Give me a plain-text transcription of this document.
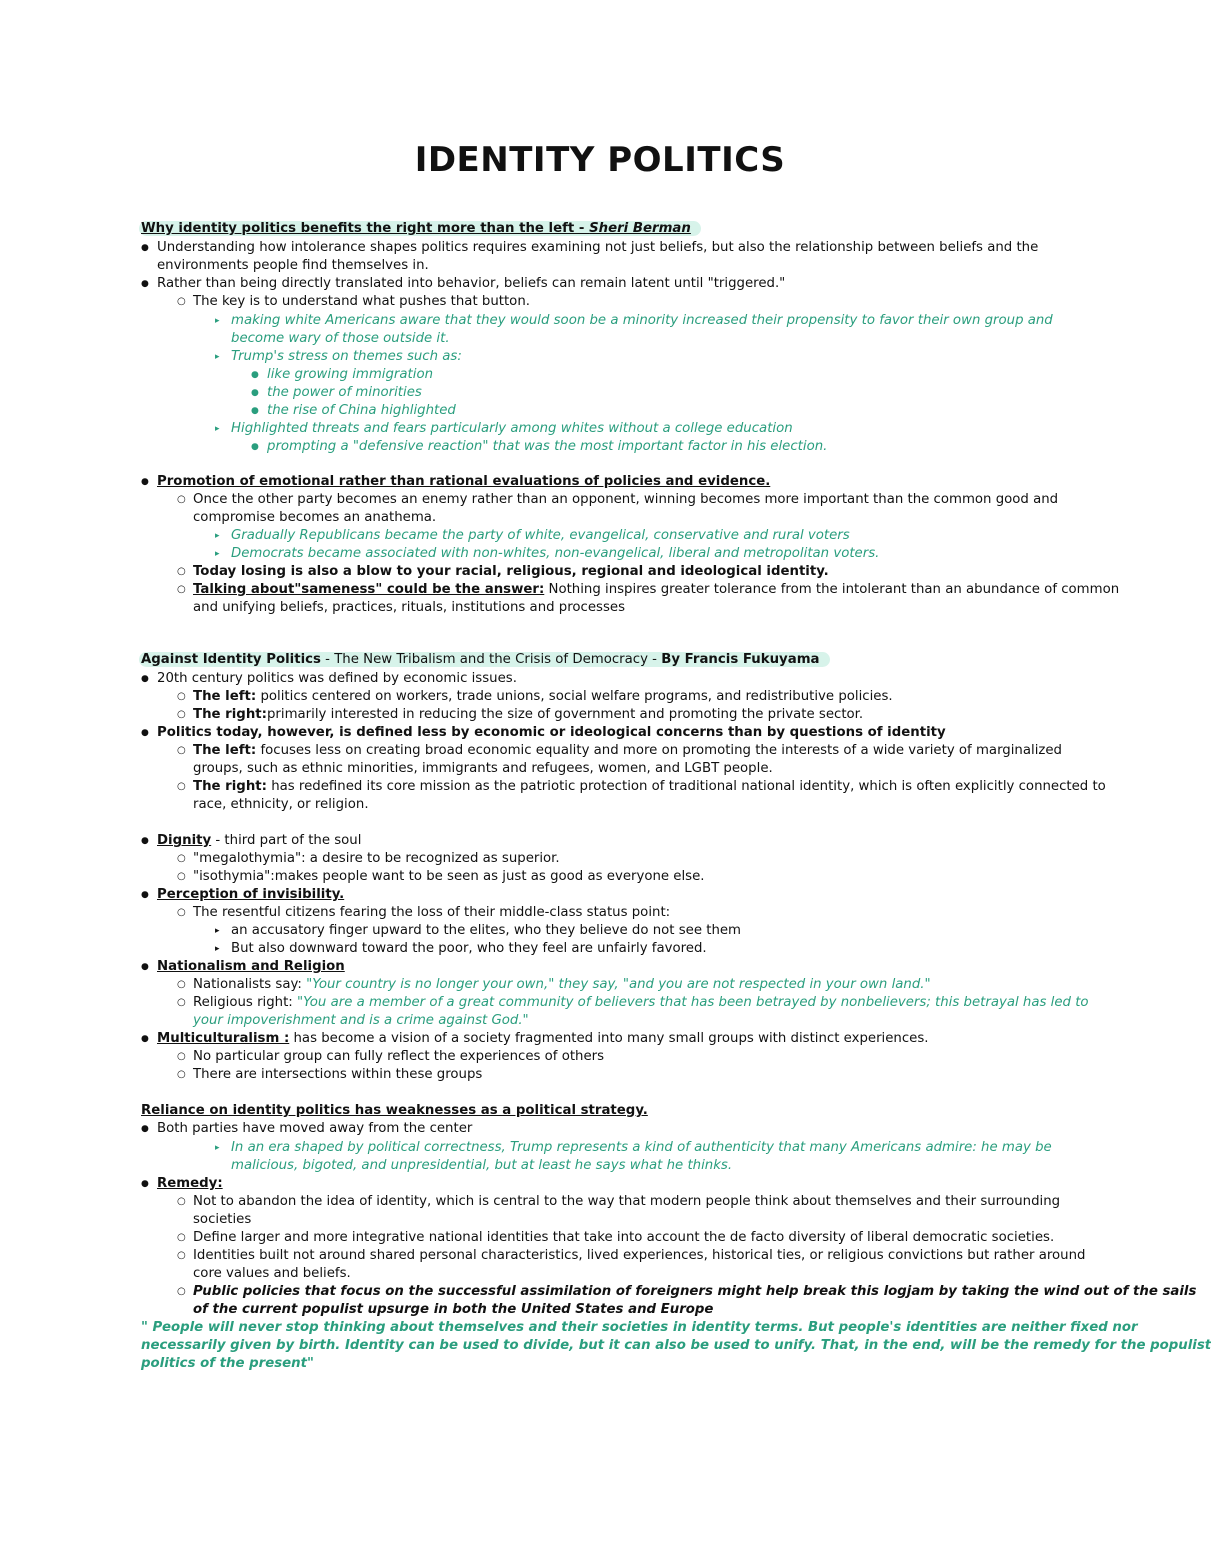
IDENTITY POLITICS
Why identity politics benefits the right more than the left - Sheri Berman
● Understanding how intolerance shapes politics requires examining not just beliefs, but also the relationship between beliefs and the
environments people find themselves in.
● Rather than being directly translated into behavior, beliefs can remain latent until "triggered."
○ The key is to understand what pushes that button.
▸ making white Americans aware that they would soon be a minority increased their propensity to favor their own group and
become wary of those outside it.
▸ Trump's stress on themes such as:
● like growing immigration
● the power of minorities
● the rise of China highlighted
▸ Highlighted threats and fears particularly among whites without a college education
● prompting a "defensive reaction" that was the most important factor in his election.
● Promotion of emotional rather than rational evaluations of policies and evidence.
○ Once the other party becomes an enemy rather than an opponent, winning becomes more important than the common good and
compromise becomes an anathema.
▸ Gradually Republicans became the party of white, evangelical, conservative and rural voters
▸ Democrats became associated with non-whites, non-evangelical, liberal and metropolitan voters.
○ Today losing is also a blow to your racial, religious, regional and ideological identity.
○ Talking about"sameness" could be the answer: Nothing inspires greater tolerance from the intolerant than an abundance of common
and unifying beliefs, practices, rituals, institutions and processes
Against Identity Politics - The New Tribalism and the Crisis of Democracy - By Francis Fukuyama
● 20th century politics was defined by economic issues.
○ The left: politics centered on workers, trade unions, social welfare programs, and redistributive policies.
○ The right:primarily interested in reducing the size of government and promoting the private sector.
● Politics today, however, is defined less by economic or ideological concerns than by questions of identity
○ The left: focuses less on creating broad economic equality and more on promoting the interests of a wide variety of marginalized
groups, such as ethnic minorities, immigrants and refugees, women, and LGBT people.
○ The right: has redefined its core mission as the patriotic protection of traditional national identity, which is often explicitly connected to
race, ethnicity, or religion.
● Dignity - third part of the soul
○ "megalothymia": a desire to be recognized as superior.
○ "isothymia":makes people want to be seen as just as good as everyone else.
● Perception of invisibility.
○ The resentful citizens fearing the loss of their middle-class status point:
▸ an accusatory finger upward to the elites, who they believe do not see them
▸ But also downward toward the poor, who they feel are unfairly favored.
● Nationalism and Religion
○ Nationalists say: "Your country is no longer your own," they say, "and you are not respected in your own land."
○ Religious right: "You are a member of a great community of believers that has been betrayed by nonbelievers; this betrayal has led to
your impoverishment and is a crime against God."
● Multiculturalism : has become a vision of a society fragmented into many small groups with distinct experiences.
○ No particular group can fully reflect the experiences of others
○ There are intersections within these groups
Reliance on identity politics has weaknesses as a political strategy.
● Both parties have moved away from the center
▸ In an era shaped by political correctness, Trump represents a kind of authenticity that many Americans admire: he may be
malicious, bigoted, and unpresidential, but at least he says what he thinks.
● Remedy:
○ Not to abandon the idea of identity, which is central to the way that modern people think about themselves and their surrounding
societies
○ Define larger and more integrative national identities that take into account the de facto diversity of liberal democratic societies.
○ Identities built not around shared personal characteristics, lived experiences, historical ties, or religious convictions but rather around
core values and beliefs.
○ Public policies that focus on the successful assimilation of foreigners might help break this logjam by taking the wind out of the sails
of the current populist upsurge in both the United States and Europe
" People will never stop thinking about themselves and their societies in identity terms. But people's identities are neither fixed nor
necessarily given by birth. Identity can be used to divide, but it can also be used to unify. That, in the end, will be the remedy for the populist
politics of the present"
